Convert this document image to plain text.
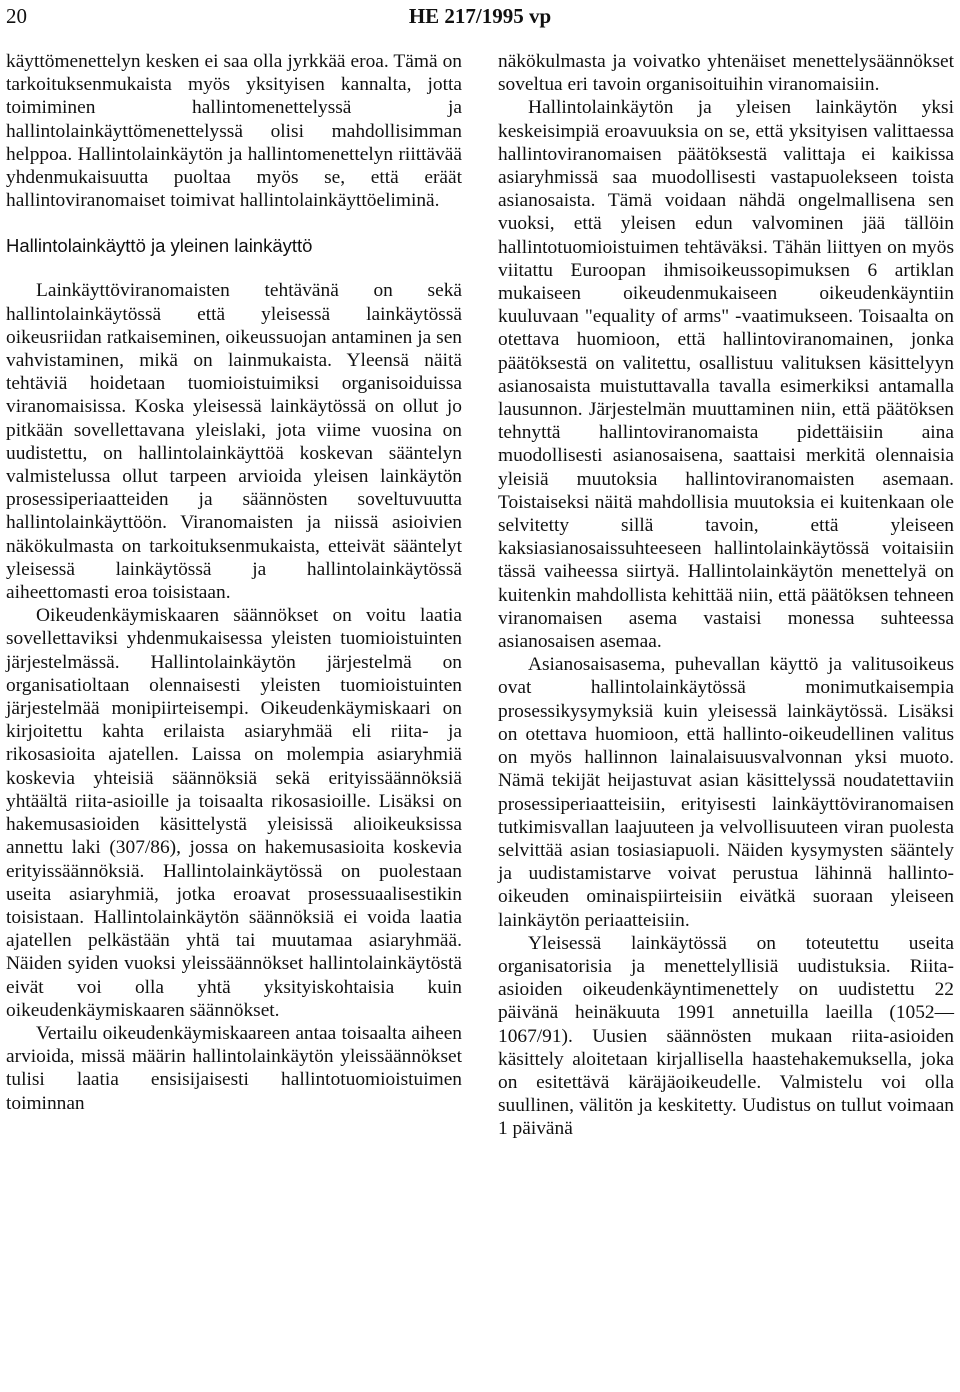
20	HE 217/1995 vp

käyttömenettelyn kesken ei saa olla jyrkkää eroa. Tämä on tarkoituksenmukaista myös yksityisen kannalta, jotta toimiminen hallintomenettelyssä ja hallintolainkäyttömenettelyssä olisi mahdollisimman helppoa. Hallintolainkäytön ja hallintomenettelyn riittävää yhdenmukaisuutta puoltaa myös se, että eräät hallintoviranomaiset toimivat hallintolainkäyttöeliminä.

Hallintolainkäyttö ja yleinen lainkäyttö

Lainkäyttöviranomaisten tehtävänä on sekä hallintolainkäytössä että yleisessä lainkäytössä oikeusriidan ratkaiseminen, oikeussuojan antaminen ja sen vahvistaminen, mikä on lainmukaista. Yleensä näitä tehtäviä hoidetaan tuomioistuimiksi organisoiduissa viranomaisissa. Koska yleisessä lainkäytössä on ollut jo pitkään sovellettavana yleislaki, jota viime vuosina on uudistettu, on hallintolainkäyttöä koskevan sääntelyn valmistelussa ollut tarpeen arvioida yleisen lainkäytön prosessiperiaatteiden ja säännösten soveltuvuutta hallintolainkäyttöön. Viranomaisten ja niissä asioivien näkökulmasta on tarkoituksenmukaista, etteivät sääntelyt yleisessä lainkäytössä ja hallintolainkäytössä aiheettomasti eroa toisistaan.

Oikeudenkäymiskaaren säännökset on voitu laatia sovellettaviksi yhdenmukaisessa yleisten tuomioistuinten järjestelmässä. Hallintolainkäytön järjestelmä on organisatioltaan olennaisesti yleisten tuomioistuinten järjestelmää monipiirteisempi. Oikeudenkäymiskaari on kirjoitettu kahta erilaista asiaryhmää eli riita- ja rikosasioita ajatellen. Laissa on molempia asiaryhmiä koskevia yhteisiä säännöksiä sekä erityissäännöksiä yhtäältä riita-asioille ja toisaalta rikosasioille. Lisäksi on hakemusasioiden käsittelystä yleisissä alioikeuksissa annettu laki (307/86), jossa on hakemusasioita koskevia erityissäännöksiä. Hallintolainkäytössä on puolestaan useita asiaryhmiä, jotka eroavat prosessuaalisestikin toisistaan. Hallintolainkäytön säännöksiä ei voida laatia ajatellen pelkästään yhtä tai muutamaa asiaryhmää. Näiden syiden vuoksi yleissäännökset hallintolainkäytöstä eivät voi olla yhtä yksityiskohtaisia kuin oikeudenkäymiskaaren säännökset.

Vertailu oikeudenkäymiskaareen antaa toisaalta aiheen arvioida, missä määrin hallintolainkäytön yleissäännökset tulisi laatia ensisijaisesti hallintotuomioistuimen toiminnan

näkökulmasta ja voivatko yhtenäiset menettelysäännökset soveltua eri tavoin organisoituihin viranomaisiin.

Hallintolainkäytön ja yleisen lainkäytön yksi keskeisimpiä eroavuuksia on se, että yksityisen valittaessa hallintoviranomaisen päätöksestä valittaja ei kaikissa asiaryhmissä saa muodollisesti vastapuolekseen toista asianosaista. Tämä voidaan nähdä ongelmallisena sen vuoksi, että yleisen edun valvominen jää tällöin hallintotuomioistuimen tehtäväksi. Tähän liittyen on myös viitattu Euroopan ihmisoikeussopimuksen 6 artiklan mukaiseen oikeudenmukaiseen oikeudenkäyntiin kuuluvaan "equality of arms" -vaatimukseen. Toisaalta on otettava huomioon, että hallintoviranomainen, jonka päätöksestä on valitettu, osallistuu valituksen käsittelyyn asianosaista muistuttavalla tavalla esimerkiksi antamalla lausunnon. Järjestelmän muuttaminen niin, että päätöksen tehnyttä hallintoviranomaista pidettäisiin aina muodollisesti asianosaisena, saattaisi merkitä olennaisia yleisiä muutoksia hallintoviranomaisten asemaan. Toistaiseksi näitä mahdollisia muutoksia ei kuitenkaan ole selvitetty sillä tavoin, että yleiseen kaksiasianosaissuhteeseen hallintolainkäytössä voitaisiin tässä vaiheessa siirtyä. Hallintolainkäytön menettelyä on kuitenkin mahdollista kehittää niin, että päätöksen tehneen viranomaisen asema vastaisi monessa suhteessa asianosaisen asemaa.

Asianosaisasema, puhevallan käyttö ja valitusoikeus ovat hallintolainkäytössä monimutkaisempia prosessikysymyksiä kuin yleisessä lainkäytössä. Lisäksi on otettava huomioon, että hallinto-oikeudellinen valitus on myös hallinnon lainalaisuusvalvonnan yksi muoto. Nämä tekijät heijastuvat asian käsittelyssä noudatettaviin prosessiperiaatteisiin, erityisesti lainkäyttöviranomaisen tutkimisvallan laajuuteen ja velvollisuuteen viran puolesta selvittää asian tosiasiapuoli. Näiden kysymysten sääntely ja uudistamistarve voivat perustua lähinnä hallinto-oikeuden ominaispiirteisiin eivätkä suoraan yleiseen lainkäytön periaatteisiin.

Yleisessä lainkäytössä on toteutettu useita organisatorisia ja menettelyllisiä uudistuksia. Riita-asioiden oikeudenkäyntimenettely on uudistettu 22 päivänä heinäkuuta 1991 annetuilla laeilla (1052—1067/91). Uusien säännösten mukaan riita-asioiden käsittely aloitetaan kirjallisella haastehakemuksella, joka on esitettävä käräjäoikeudelle. Valmistelu voi olla suullinen, välitön ja keskitetty. Uudistus on tullut voimaan 1 päivänä
